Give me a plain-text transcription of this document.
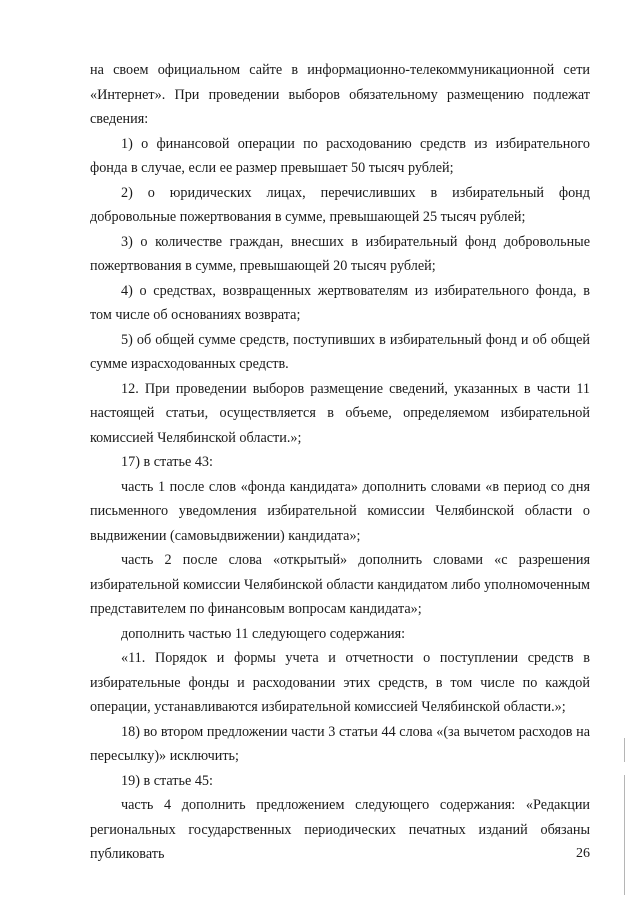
на своем официальном сайте в информационно-телекоммуникационной сети «Интернет». При проведении выборов обязательному размещению подлежат сведения:

1) о финансовой операции по расходованию средств из избирательного фонда в случае, если ее размер превышает 50 тысяч рублей;

2) о юридических лицах, перечисливших в избирательный фонд добровольные пожертвования в сумме, превышающей 25 тысяч рублей;

3) о количестве граждан, внесших в избирательный фонд добровольные пожертвования в сумме, превышающей 20 тысяч рублей;

4) о средствах, возвращенных жертвователям из избирательного фонда, в том числе об основаниях возврата;

5) об общей сумме средств, поступивших в избирательный фонд и об общей сумме израсходованных средств.

12. При проведении выборов размещение сведений, указанных в части 11 настоящей статьи, осуществляется в объеме, определяемом избирательной комиссией Челябинской области.»;

17) в статье 43:

часть 1 после слов «фонда кандидата» дополнить словами «в период со дня письменного уведомления избирательной комиссии Челябинской области о выдвижении (самовыдвижении) кандидата»;

часть 2 после слова «открытый» дополнить словами «с разрешения избирательной комиссии Челябинской области кандидатом либо уполномоченным представителем по финансовым вопросам кандидата»;

дополнить частью 11 следующего содержания:

«11. Порядок и формы учета и отчетности о поступлении средств в избирательные фонды и расходовании этих средств, в том числе по каждой операции, устанавливаются избирательной комиссией Челябинской области.»;

18) во втором предложении части 3 статьи 44 слова «(за вычетом расходов на пересылку)» исключить;

19) в статье 45:

часть 4 дополнить предложением следующего содержания: «Редакции региональных государственных периодических печатных изданий обязаны публиковать	26
